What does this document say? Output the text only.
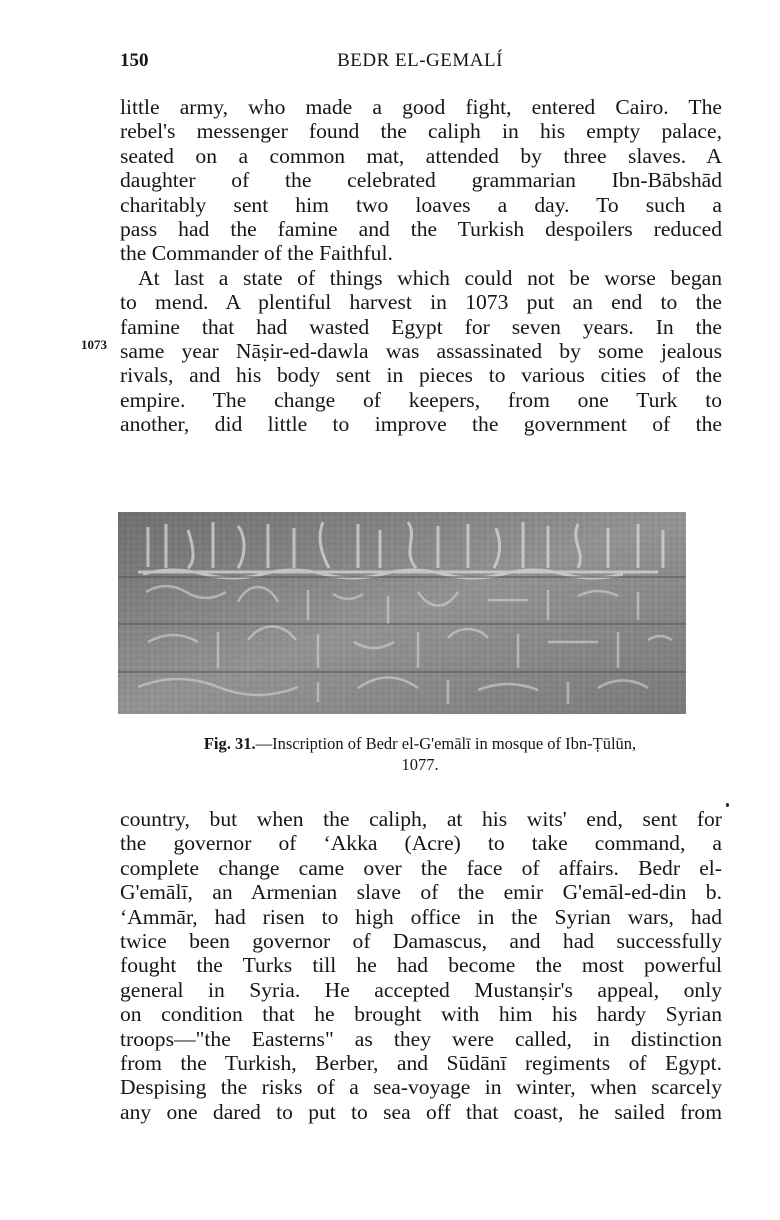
150	BEDR EL-GEMALÍ
1073
little army, who made a good fight, entered Cairo. The
rebel's messenger found the caliph in his empty palace,
seated on a common mat, attended by three slaves. A
daughter of the celebrated grammarian Ibn-Bābshād
charitably sent him two loaves a day. To such a
pass had the famine and the Turkish despoilers reduced
the Commander of the Faithful.
At last a state of things which could not be worse began
to mend. A plentiful harvest in 1073 put an end to the
famine that had wasted Egypt for seven years. In the
same year Nāṣir-ed-dawla was assassinated by some jealous
rivals, and his body sent in pieces to various cities of the
empire. The change of keepers, from one Turk to
another, did little to improve the government of the
Fig. 31.—Inscription of Bedr el-G'emālī in mosque of Ibn-Ṭūlūn,
1077.
country, but when the caliph, at his wits' end, sent for
the governor of ʻAkka (Acre) to take command, a
complete change came over the face of affairs. Bedr el-
G'emālī, an Armenian slave of the emir G'emāl-ed-din b.
ʻAmmār, had risen to high office in the Syrian wars, had
twice been governor of Damascus, and had successfully
fought the Turks till he had become the most powerful
general in Syria. He accepted Mustanṣir's appeal, only
on condition that he brought with him his hardy Syrian
troops—"the Easterns" as they were called, in distinction
from the Turkish, Berber, and Sūdānī regiments of Egypt.
Despising the risks of a sea-voyage in winter, when scarcely
any one dared to put to sea off that coast, he sailed from
